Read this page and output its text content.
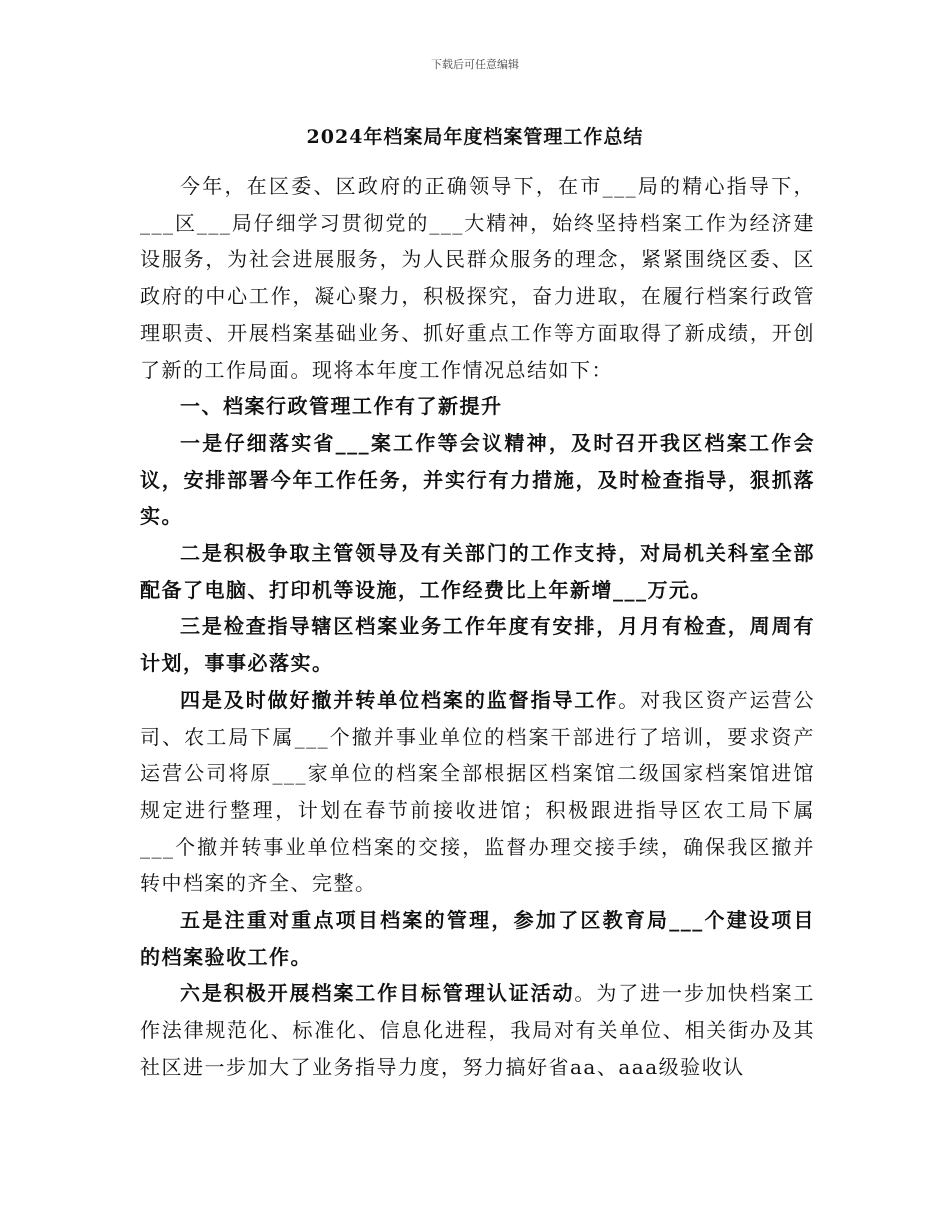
下载后可任意编辑
2024年档案局年度档案管理工作总结

今年，在区委、区政府的正确领导下，在市___局的精心指导下，___区___局仔细学习贯彻党的___大精神，始终坚持档案工作为经济建设服务，为社会进展服务，为人民群众服务的理念，紧紧围绕区委、区政府的中心工作，凝心聚力，积极探究，奋力进取，在履行档案行政管理职责、开展档案基础业务、抓好重点工作等方面取得了新成绩，开创了新的工作局面。现将本年度工作情况总结如下：

一、档案行政管理工作有了新提升

一是仔细落实省___案工作等会议精神，及时召开我区档案工作会议，安排部署今年工作任务，并实行有力措施，及时检查指导，狠抓落实。

二是积极争取主管领导及有关部门的工作支持，对局机关科室全部配备了电脑、打印机等设施，工作经费比上年新增___万元。

三是检查指导辖区档案业务工作年度有安排，月月有检查，周周有计划，事事必落实。

四是及时做好撤并转单位档案的监督指导工作。对我区资产运营公司、农工局下属___个撤并事业单位的档案干部进行了培训，要求资产运营公司将原___家单位的档案全部根据区档案馆二级国家档案馆进馆规定进行整理，计划在春节前接收进馆；积极跟进指导区农工局下属___个撤并转事业单位档案的交接，监督办理交接手续，确保我区撤并转中档案的齐全、完整。

五是注重对重点项目档案的管理，参加了区教育局___个建设项目的档案验收工作。

六是积极开展档案工作目标管理认证活动。为了进一步加快档案工作法律规范化、标准化、信息化进程，我局对有关单位、相关街办及其社区进一步加大了业务指导力度，努力搞好省aa、aaa级验收认
